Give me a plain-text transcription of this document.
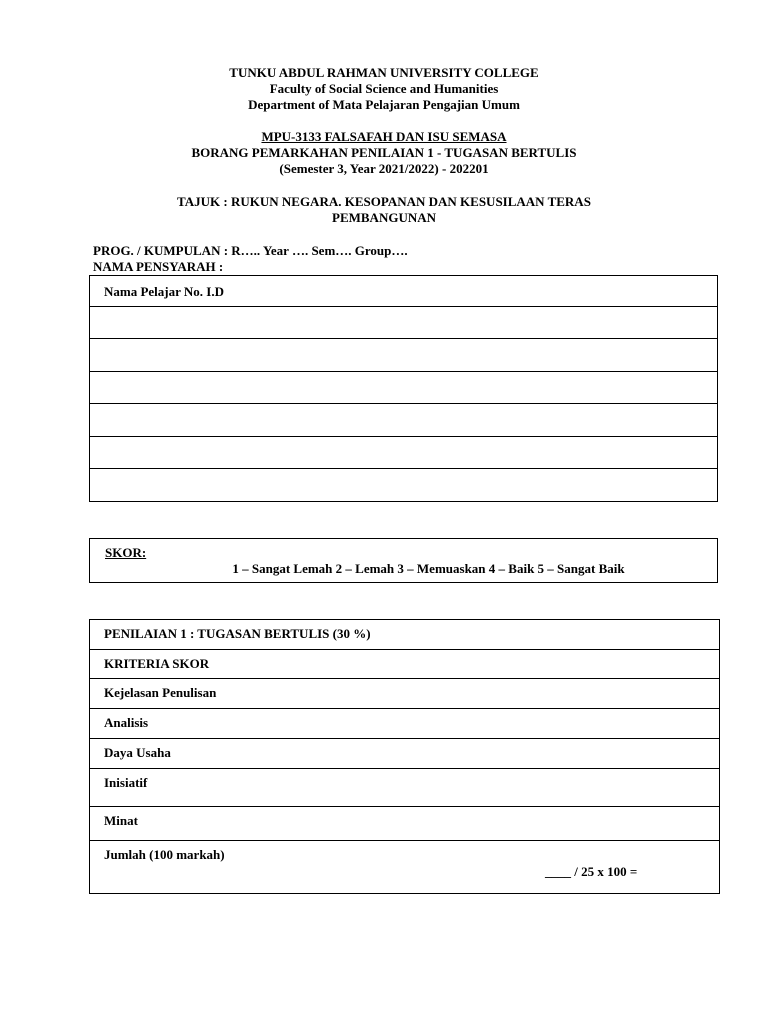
TUNKU ABDUL RAHMAN UNIVERSITY COLLEGE
Faculty of Social Science and Humanities
Department of Mata Pelajaran Pengajian Umum
MPU-3133 FALSAFAH DAN ISU SEMASA
BORANG PEMARKAHAN PENILAIAN 1 - TUGASAN BERTULIS
(Semester 3, Year 2021/2022) - 202201
TAJUK : RUKUN NEGARA. KESOPANAN DAN KESUSILAAN TERAS
PEMBANGUNAN
PROG. / KUMPULAN : R….. Year …. Sem…. Group….
NAMA PENSYARAH :
Nama Pelajar No. I.D
SKOR:
1 – Sangat Lemah 2 – Lemah 3 – Memuaskan 4 – Baik 5 – Sangat Baik
PENILAIAN 1 : TUGASAN BERTULIS (30 %)
KRITERIA SKOR
Kejelasan Penulisan
Analisis
Daya Usaha
Inisiatif
Minat
Jumlah (100 markah)
____ / 25 x 100 =
